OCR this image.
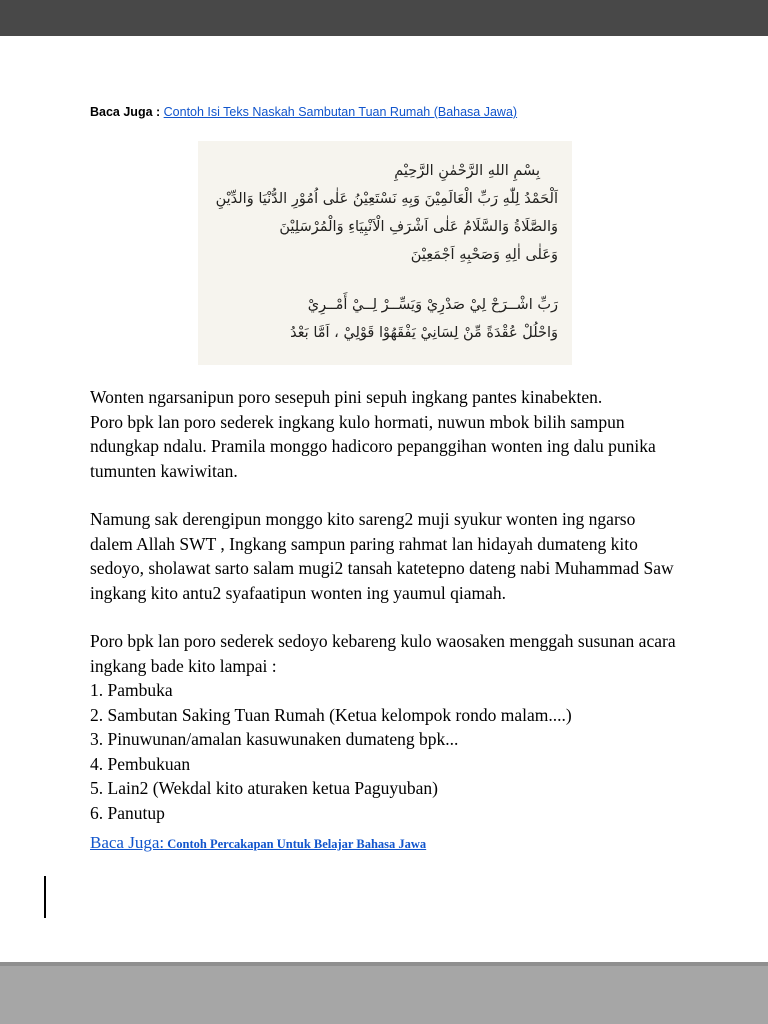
Baca Juga : Contoh Isi Teks Naskah Sambutan Tuan Rumah (Bahasa Jawa)
بِسْمِ اللهِ الرَّحْمٰنِ الرَّحِيْمِ
اَلْحَمْدُ لِلّٰهِ رَبِّ الْعَالَمِيْنَ وَبِهِ نَسْتَعِيْنُ عَلٰى اُمُوْرِ الدُّنْيَا وَالدِّيْنِ
وَالصَّلَاةُ وَالسَّلَامُ عَلٰى اَشْرَفِ الْاَنْبِيَاءِ وَالْمُرْسَلِيْنَ
وَعَلٰى اٰلِهِ وَصَحْبِهِ اَجْمَعِيْنَ
رَبِّ اشْــرَحْ لِيْ صَدْرِيْ وَيَسِّــرْ لِــيْ أَمْــرِيْ
وَاحْلُلْ عُقْدَةً مِّنْ لِسَانِيْ يَفْقَهُوْا قَوْلِيْ ، اَمَّا بَعْدُ

Wonten ngarsanipun poro sesepuh pini sepuh ingkang pantes kinabekten.

Poro bpk lan poro sederek ingkang kulo hormati, nuwun mbok bilih sampun ndungkap ndalu. Pramila monggo hadicoro pepanggihan wonten ing dalu punika tumunten kawiwitan.

Namung sak derengipun monggo kito sareng2 muji syukur wonten ing ngarso dalem Allah SWT , Ingkang sampun paring rahmat lan hidayah dumateng kito sedoyo, sholawat sarto salam mugi2 tansah katetepno dateng nabi Muhammad Saw ingkang kito antu2 syafaatipun wonten ing yaumul qiamah.

Poro bpk lan poro sederek sedoyo kebareng kulo waosaken menggah susunan acara ingkang bade kito lampai :

1. Pambuka

2. Sambutan Saking Tuan Rumah (Ketua kelompok rondo malam....)

3. Pinuwunan/amalan kasuwunaken dumateng bpk...

4. Pembukuan

5. Lain2 (Wekdal kito aturaken ketua Paguyuban)

6. Panutup

Baca Juga: Contoh Percakapan Untuk Belajar Bahasa Jawa
